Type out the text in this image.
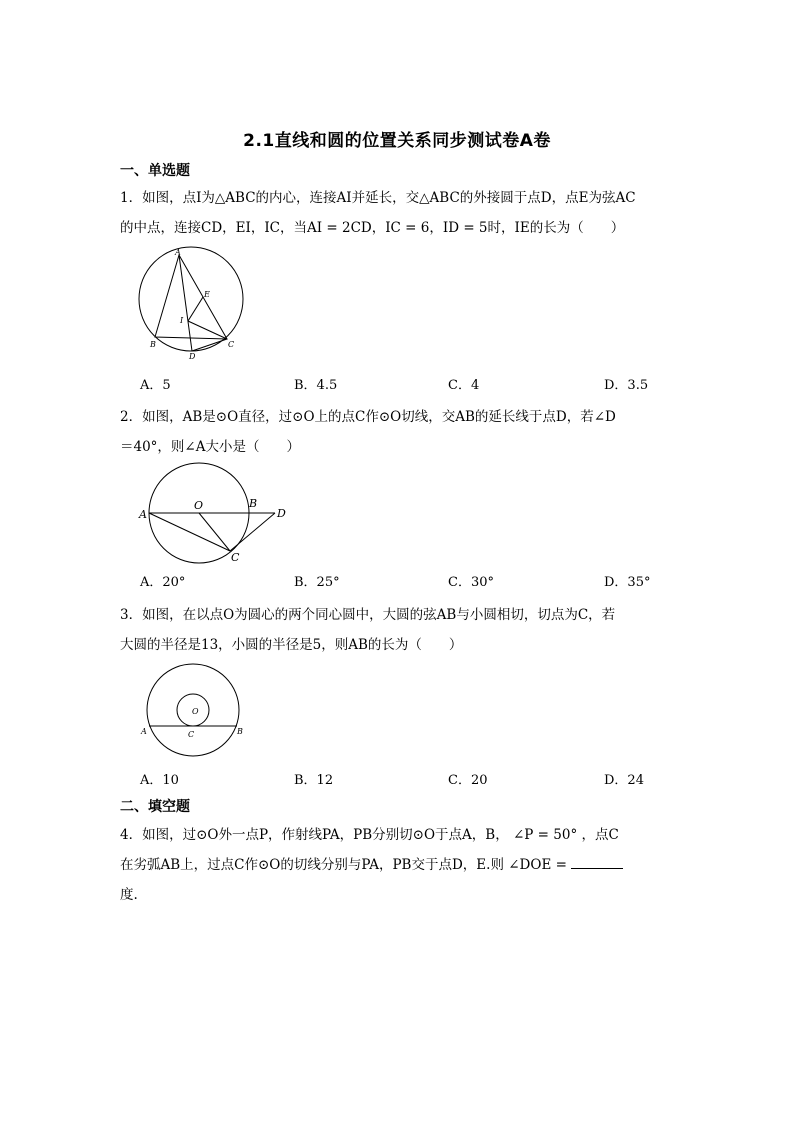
2.1直线和圆的位置关系同步测试卷A卷
一、单选题
1．如图，点I为△ABC的内心，连接AI并延长，交△ABC的外接圆于点D，点E为弦AC
的中点，连接CD，EI，IC，当AI = 2CD，IC = 6，ID = 5时，IE的长为（　　）
A
E
I
B
D
C
A．5	B．4.5	C．4	D．3.5
2．如图，AB是⊙O直径，过⊙O上的点C作⊙O切线，交AB的延长线于点D，若∠D
＝40°，则∠A大小是（　　）
A
O	B
D
C
A．20°	B．25°	C．30°	D．35°
3．如图，在以点O为圆心的两个同心圆中，大圆的弦AB与小圆相切，切点为C，若
大圆的半径是13，小圆的半径是5，则AB的长为（　　）
O
A	C	B
A．10	B．12	C．20	D．24
二、填空题
4．如图，过⊙O外一点P，作射线PA，PB分别切⊙O于点A，B， ∠P = 50° ，点C
在劣弧AB上，过点C作⊙O的切线分别与PA，PB交于点D，E.则 ∠DOE =
度.
